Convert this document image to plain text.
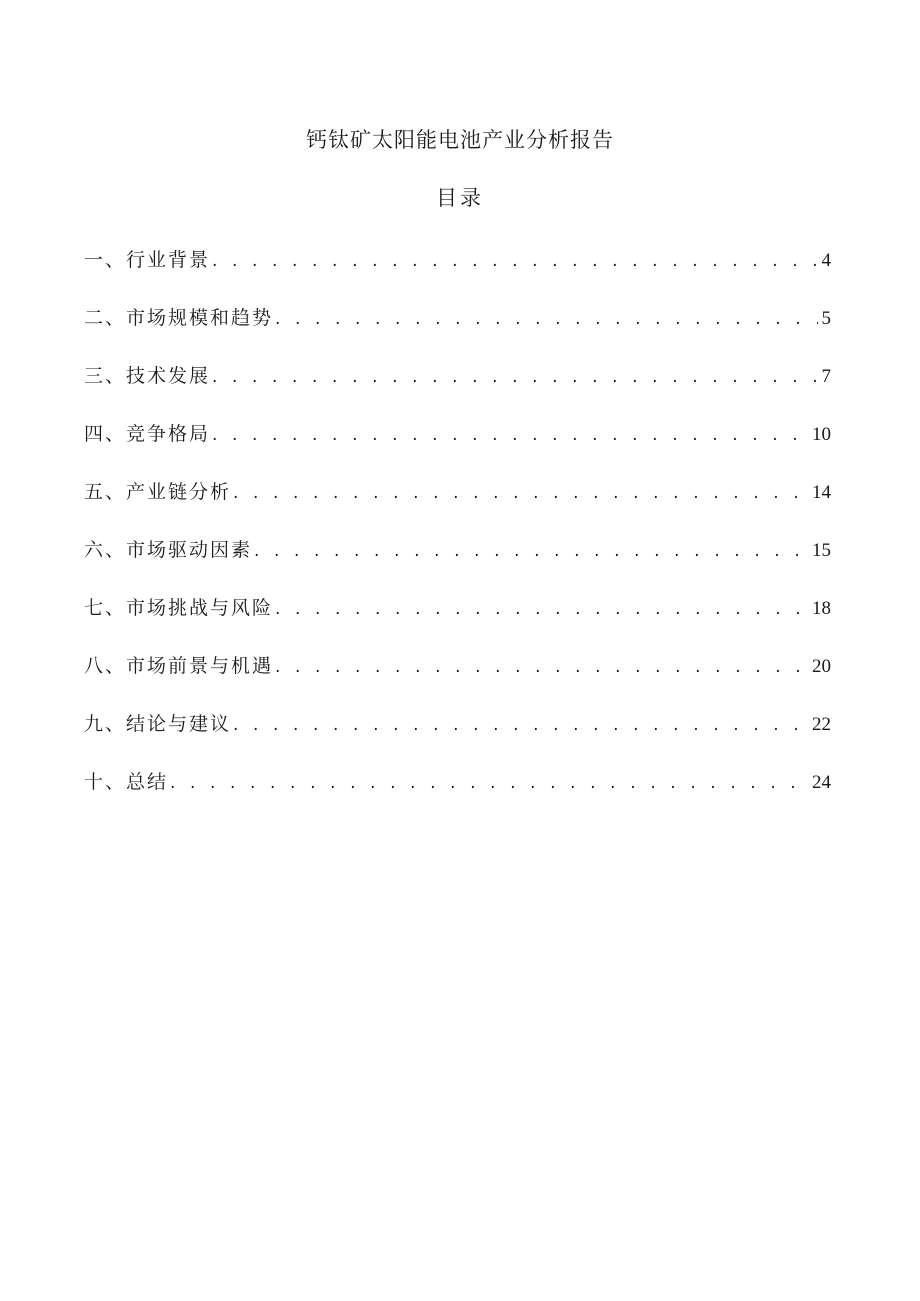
钙钛矿太阳能电池产业分析报告
目录
一、行业背景 . . .	4
二、市场规模和趋势 . . .	5
三、技术发展 . . .	7
四、竞争格局 . . .	10
五、产业链分析 . . .	14
六、市场驱动因素 . . .	15
七、市场挑战与风险 . . .	18
八、市场前景与机遇 . . .	20
九、结论与建议 . . .	22
十、总结 . . .	24
